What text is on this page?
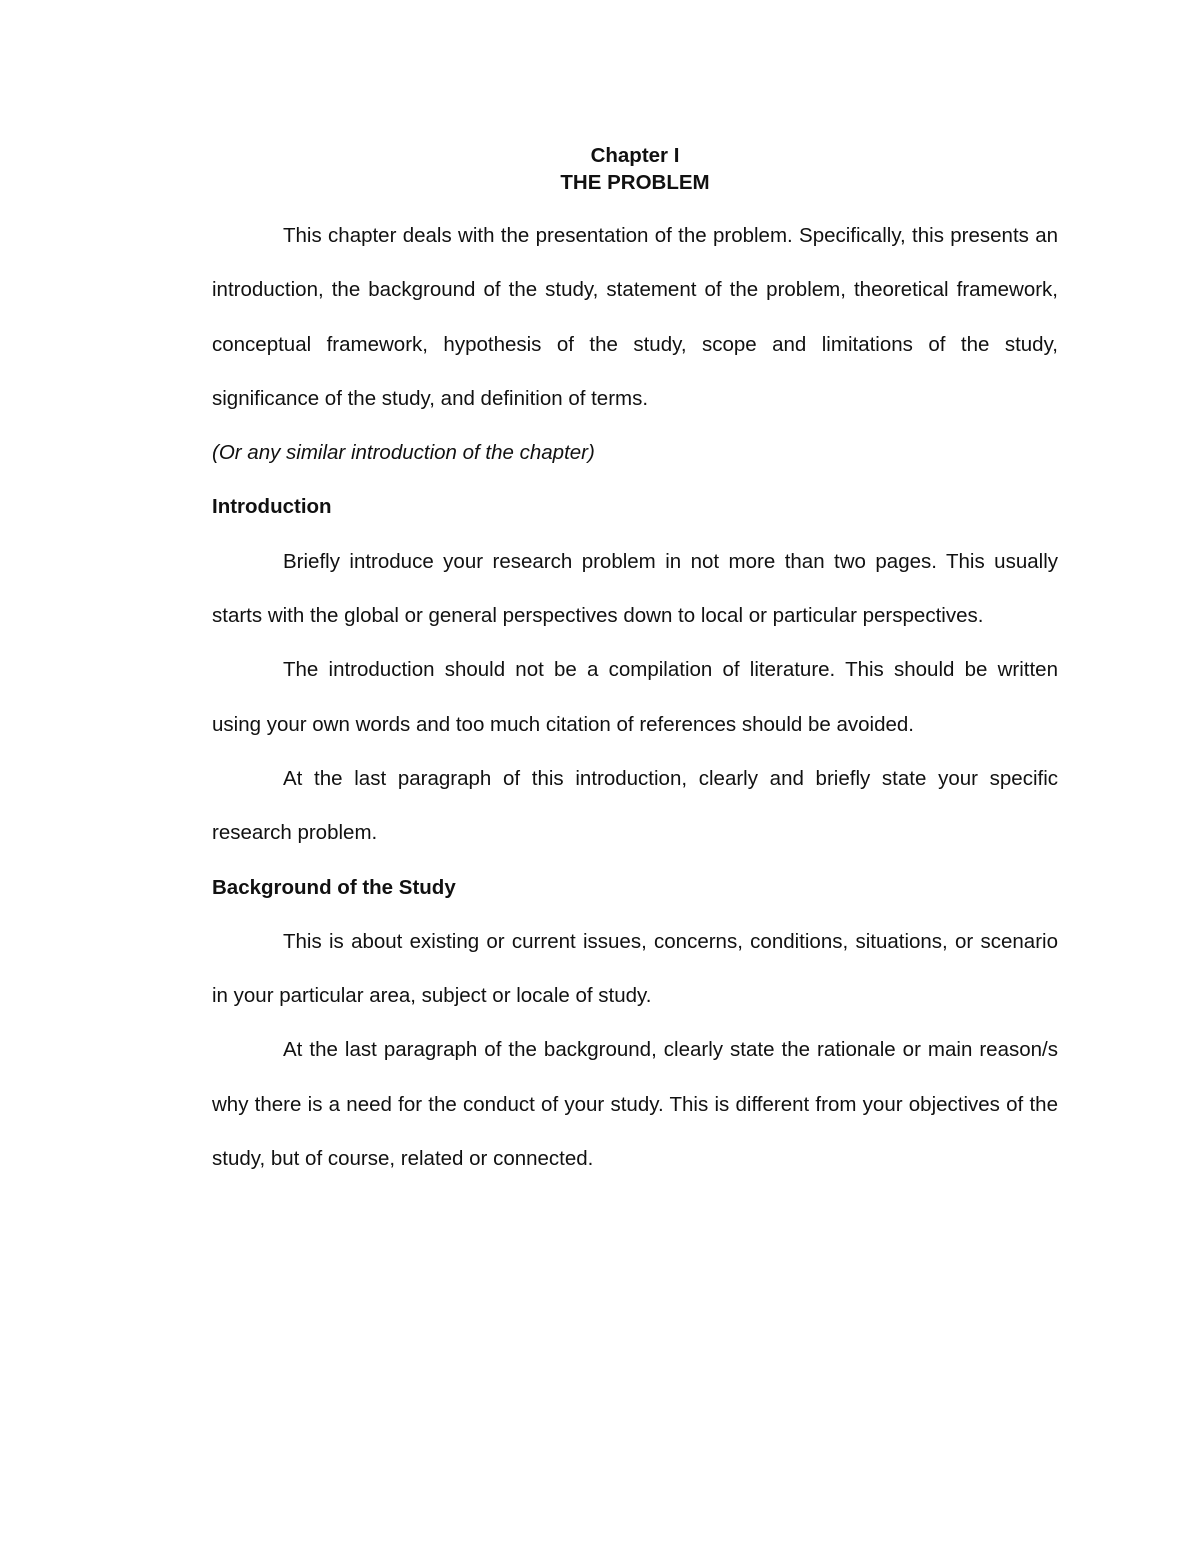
Chapter I
THE PROBLEM

This chapter deals with the presentation of the problem. Specifically, this presents an introduction, the background of the study, statement of the problem, theoretical framework, conceptual framework, hypothesis of the study, scope and limitations of the study, significance of the study, and definition of terms.

(Or any similar introduction of the chapter)

Introduction

Briefly introduce your research problem in not more than two pages. This usually starts with the global or general perspectives down to local or particular perspectives.

The introduction should not be a compilation of literature. This should be written using your own words and too much citation of references should be avoided.

At the last paragraph of this introduction, clearly and briefly state your specific research problem.

Background of the Study

This is about existing or current issues, concerns, conditions, situations, or scenario in your particular area, subject or locale of study.

At the last paragraph of the background, clearly state the rationale or main reason/s why there is a need for the conduct of your study. This is different from your objectives of the study, but of course, related or connected.
